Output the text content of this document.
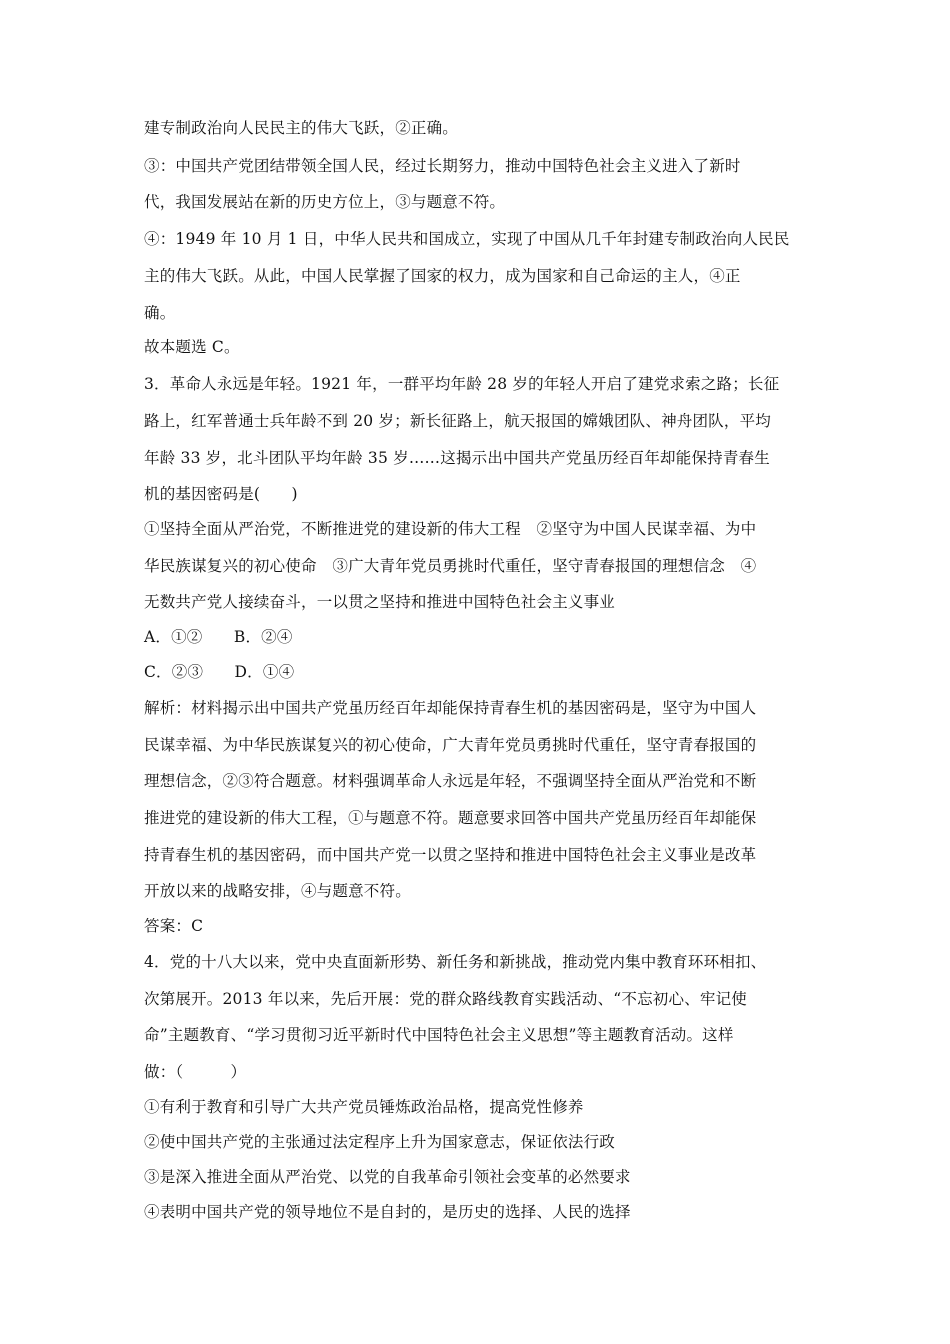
建专制政治向人民民主的伟大飞跃，②正确。
③：中国共产党团结带领全国人民，经过长期努力，推动中国特色社会主义进入了新时
代，我国发展站在新的历史方位上，③与题意不符。
④：1949 年 10 月 1 日，中华人民共和国成立，实现了中国从几千年封建专制政治向人民民
主的伟大飞跃。从此，中国人民掌握了国家的权力，成为国家和自己命运的主人，④正
确。
故本题选 C。
3．革命人永远是年轻。1921 年，一群平均年龄 28 岁的年轻人开启了建党求索之路；长征
路上，红军普通士兵年龄不到 20 岁；新长征路上，航天报国的嫦娥团队、神舟团队，平均
年龄 33 岁，北斗团队平均年龄 35 岁……这揭示出中国共产党虽历经百年却能保持青春生
机的基因密码是(　　)
①坚持全面从严治党，不断推进党的建设新的伟大工程　②坚守为中国人民谋幸福、为中
华民族谋复兴的初心使命　③广大青年党员勇挑时代重任，坚守青春报国的理想信念　④
无数共产党人接续奋斗，一以贯之坚持和推进中国特色社会主义事业
A．①②　　B．②④
C．②③　　D．①④
解析：材料揭示出中国共产党虽历经百年却能保持青春生机的基因密码是，坚守为中国人
民谋幸福、为中华民族谋复兴的初心使命，广大青年党员勇挑时代重任，坚守青春报国的
理想信念，②③符合题意。材料强调革命人永远是年轻，不强调坚持全面从严治党和不断
推进党的建设新的伟大工程，①与题意不符。题意要求回答中国共产党虽历经百年却能保
持青春生机的基因密码，而中国共产党一以贯之坚持和推进中国特色社会主义事业是改革
开放以来的战略安排，④与题意不符。
答案：C
4．党的十八大以来，党中央直面新形势、新任务和新挑战，推动党内集中教育环环相扣、
次第展开。2013 年以来，先后开展：党的群众路线教育实践活动、“不忘初心、牢记使
命”主题教育、“学习贯彻习近平新时代中国特色社会主义思想”等主题教育活动。这样
做：（　　　）
①有利于教育和引导广大共产党员锤炼政治品格，提高党性修养
②使中国共产党的主张通过法定程序上升为国家意志，保证依法行政
③是深入推进全面从严治党、以党的自我革命引领社会变革的必然要求
④表明中国共产党的领导地位不是自封的，是历史的选择、人民的选择
